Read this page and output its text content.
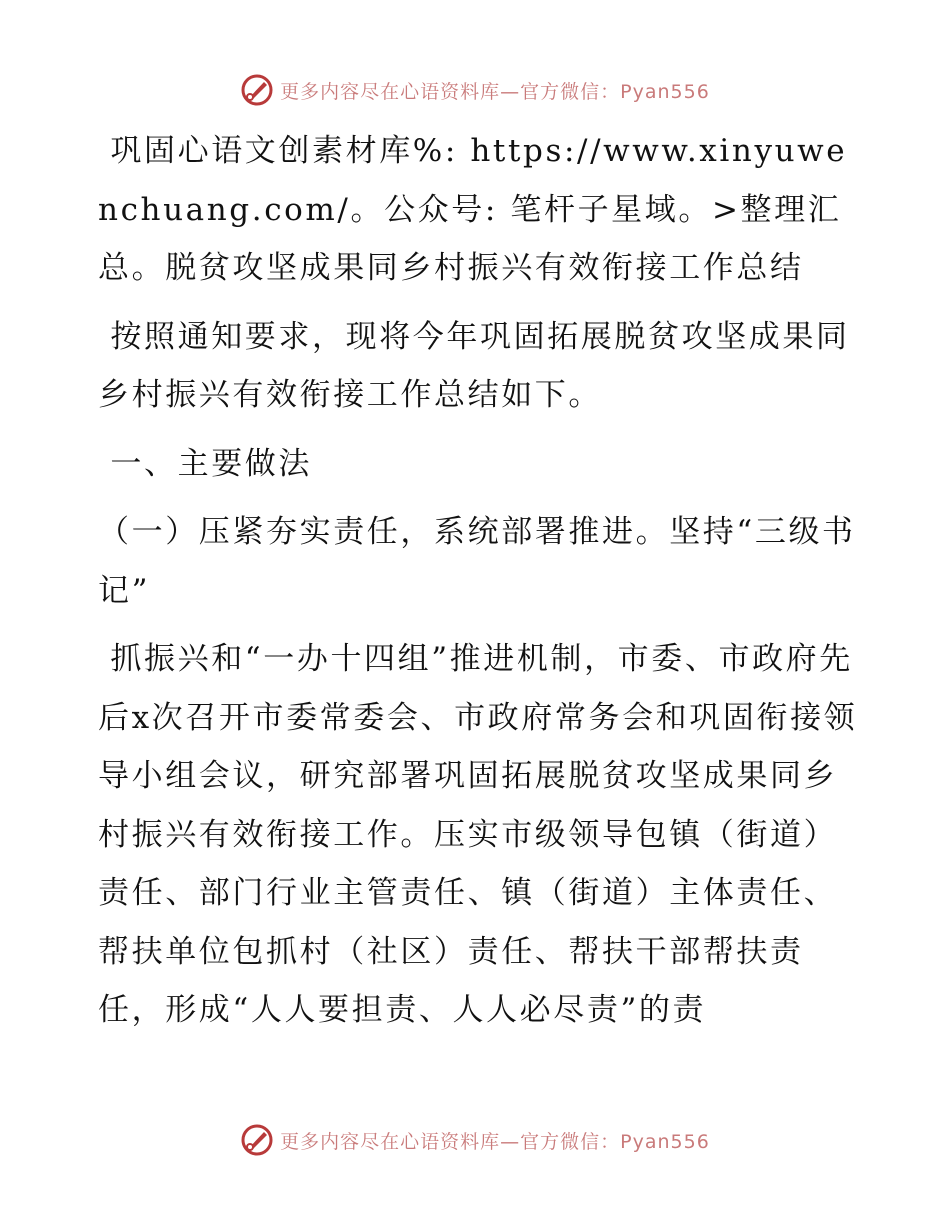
更多内容尽在心语资料库—官方微信：Pyan556

巩固心语文创素材库%: https://www.xinyuwenchuang.com/。公众号: 笔杆子星域。>整理汇总。脱贫攻坚成果同乡村振兴有效衔接工作总结

按照通知要求，现将今年巩固拓展脱贫攻坚成果同乡村振兴有效衔接工作总结如下。

一、主要做法

（一）压紧夯实责任，系统部署推进。坚持“三级书记”

抓振兴和“一办十四组”推进机制，市委、市政府先后x次召开市委常委会、市政府常务会和巩固衔接领导小组会议，研究部署巩固拓展脱贫攻坚成果同乡村振兴有效衔接工作。压实市级领导包镇（街道）责任、部门行业主管责任、镇（街道）主体责任、帮扶单位包抓村（社区）责任、帮扶干部帮扶责任，形成“人人要担责、人人必尽责”的责

更多内容尽在心语资料库—官方微信：Pyan556
